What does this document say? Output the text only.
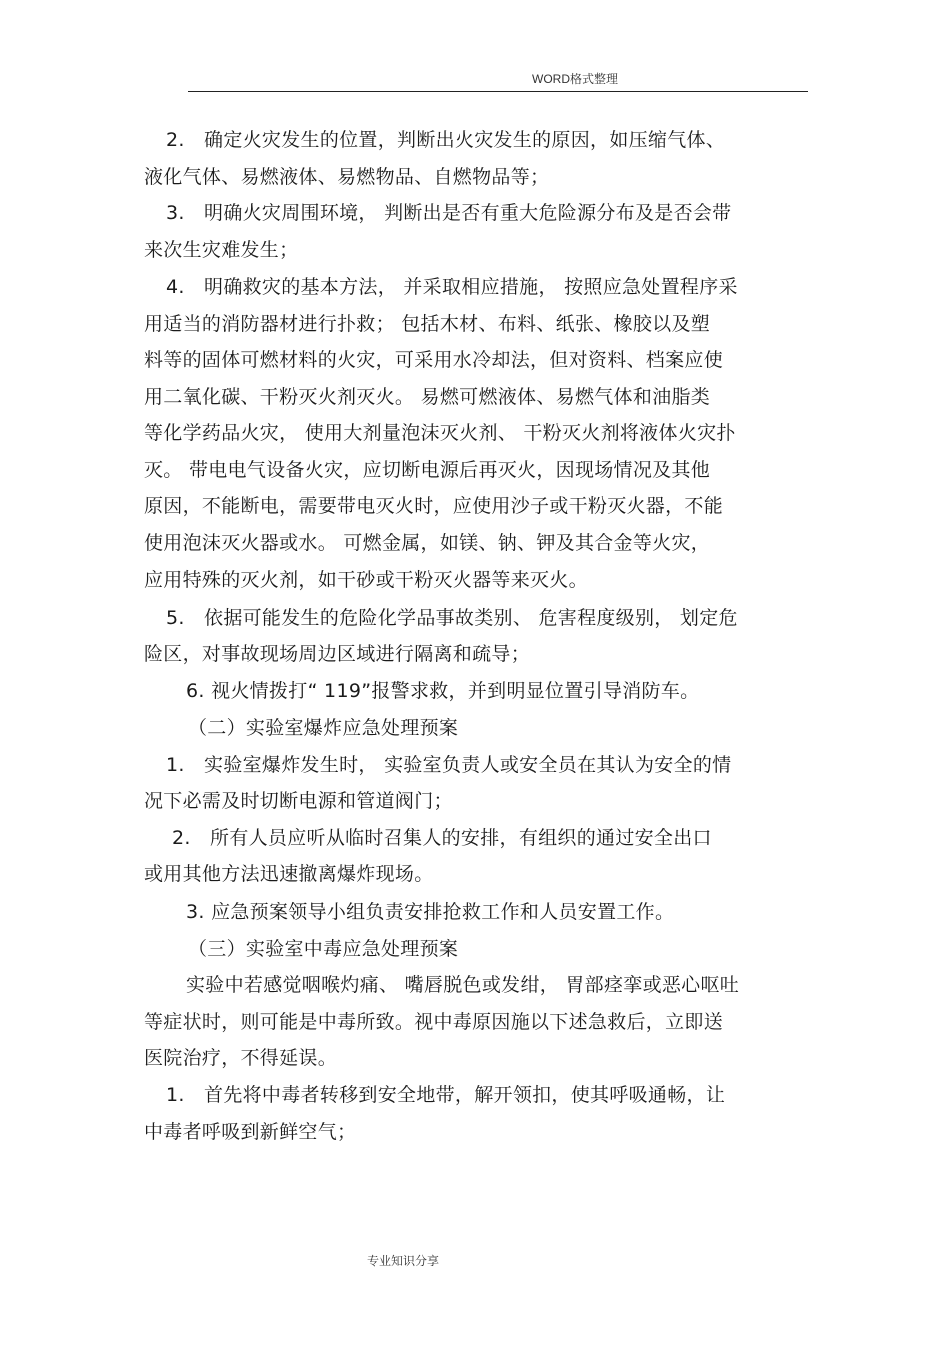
WORD格式整理
2.　确定火灾发生的位置，判断出火灾发生的原因，如压缩气体、
液化气体、易燃液体、易燃物品、自燃物品等；
3.　明确火灾周围环境， 判断出是否有重大危险源分布及是否会带
来次生灾难发生；
4.　明确救灾的基本方法， 并采取相应措施， 按照应急处置程序采
用适当的消防器材进行扑救； 包括木材、布料、纸张、橡胶以及塑
料等的固体可燃材料的火灾，可采用水冷却法，但对资料、档案应使
用二氧化碳、干粉灭火剂灭火。 易燃可燃液体、易燃气体和油脂类
等化学药品火灾， 使用大剂量泡沫灭火剂、 干粉灭火剂将液体火灾扑
灭。 带电电气设备火灾，应切断电源后再灭火，因现场情况及其他
原因，不能断电，需要带电灭火时，应使用沙子或干粉灭火器，不能
使用泡沫灭火器或水。 可燃金属，如镁、钠、钾及其合金等火灾，
应用特殊的灭火剂，如干砂或干粉灭火器等来灭火。
5.　依据可能发生的危险化学品事故类别、 危害程度级别， 划定危
险区，对事故现场周边区域进行隔离和疏导；
6. 视火情拨打“ 119”报警求救，并到明显位置引导消防车。
（二）实验室爆炸应急处理预案
1.　实验室爆炸发生时， 实验室负责人或安全员在其认为安全的情
况下必需及时切断电源和管道阀门；
2.　所有人员应听从临时召集人的安排，有组织的通过安全出口
或用其他方法迅速撤离爆炸现场。
3. 应急预案领导小组负责安排抢救工作和人员安置工作。
（三）实验室中毒应急处理预案
实验中若感觉咽喉灼痛、 嘴唇脱色或发绀， 胃部痉挛或恶心呕吐
等症状时，则可能是中毒所致。视中毒原因施以下述急救后，立即送
医院治疗，不得延误。
1.　首先将中毒者转移到安全地带，解开领扣，使其呼吸通畅，让
中毒者呼吸到新鲜空气；
专业知识分享
